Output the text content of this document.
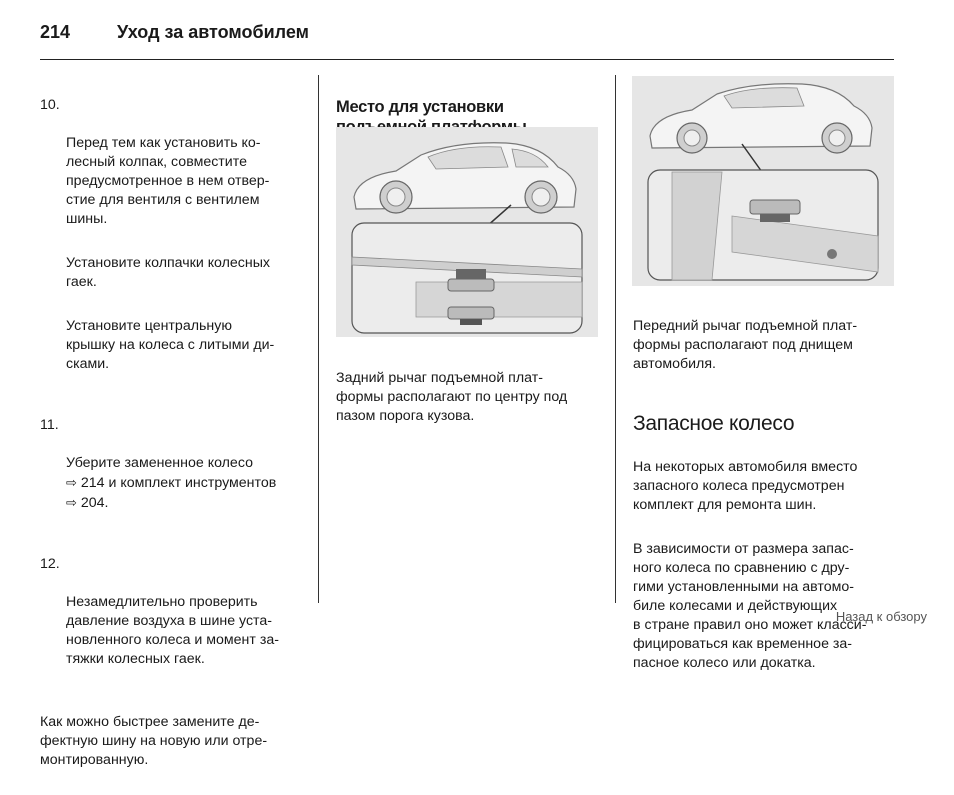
214	Уход за автомобилем

10.

Перед тем как установить ко-
лесный колпак, совместите
предусмотренное в нем отвер-
стие для вентиля с вентилем
шины.

Установите колпачки колесных
гаек.

Установите центральную
крышку на колеса с литыми ди-
сками.

11.

Уберите замененное колесо
⇨ 214 и комплект инструментов
⇨ 204.

12.

Незамедлительно проверить
давление воздуха в шине уста-
новленного колеса и момент за-
тяжки колесных гаек.

Как можно быстрее замените де-
фектную шину на новую или отре-
монтированную.

Место для установки

Задний рычаг подъемной плат-
формы располагают по центру под
пазом порога кузова.

Передний рычаг подъемной плат-
формы располагают под днищем
автомобиля.

Запасное колесо

На некоторых автомобиля вместо
запасного колеса предусмотрен
комплект для ремонта шин.

В зависимости от размера запас-
ного колеса по сравнению с дру-
гими установленными на автомо-
биле колесами и действующих
в стране правил оно может класси-
фицироваться как временное за-
пасное колесо или докатка.

Назад к обзору
